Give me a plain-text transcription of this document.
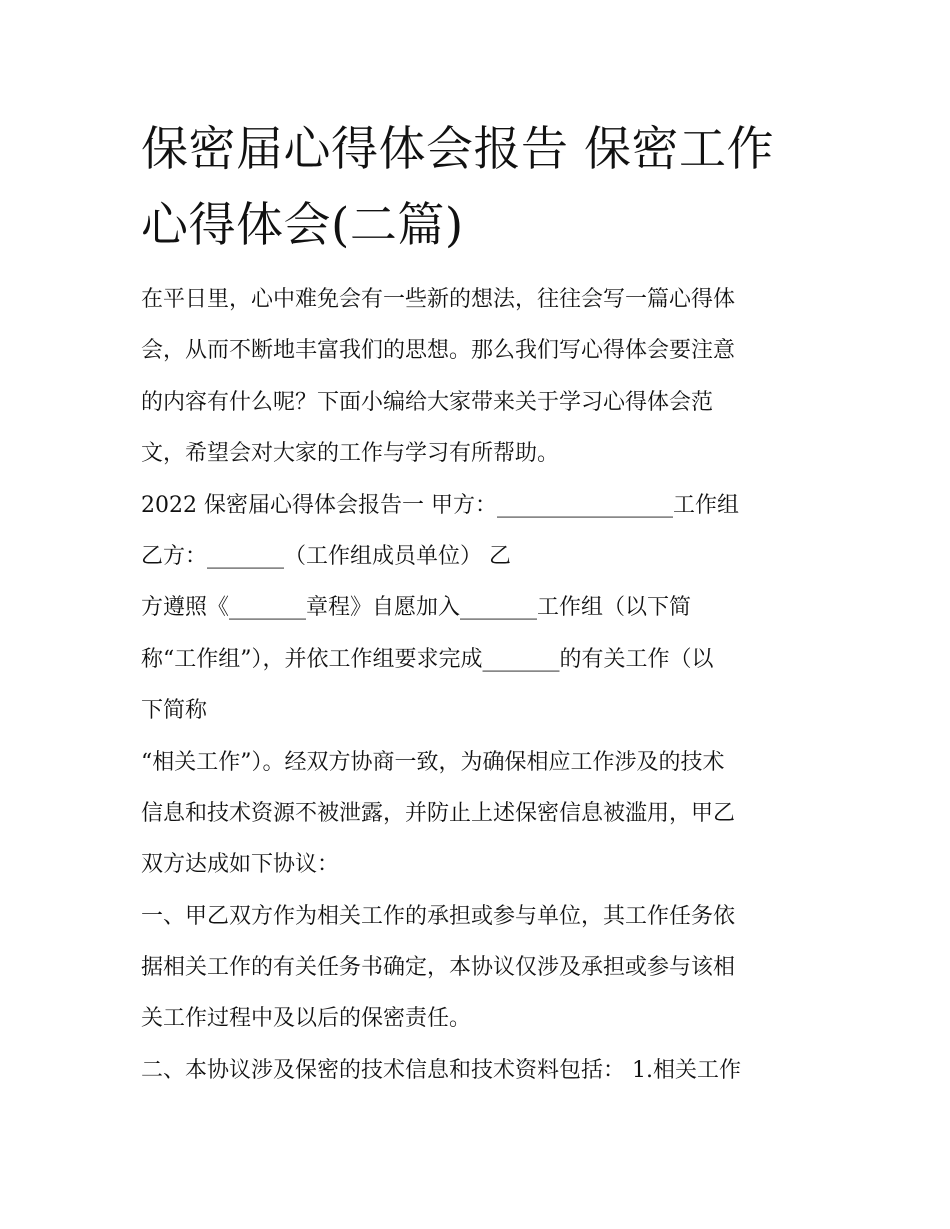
保密届心得体会报告 保密工作
心得体会(二篇)
在平日里，心中难免会有一些新的想法，往往会写一篇心得体
会，从而不断地丰富我们的思想。那么我们写心得体会要注意
的内容有什么呢？下面小编给大家带来关于学习心得体会范
文，希望会对大家的工作与学习有所帮助。
2022 保密届心得体会报告一 甲方：________________工作组
乙方：_______（工作组成员单位） 乙
方遵照《_______章程》自愿加入_______工作组（以下简
称“工作组”），并依工作组要求完成_______的有关工作（以
下简称
“相关工作”）。经双方协商一致，为确保相应工作涉及的技术
信息和技术资源不被泄露，并防止上述保密信息被滥用，甲乙
双方达成如下协议：
一、甲乙双方作为相关工作的承担或参与单位，其工作任务依
据相关工作的有关任务书确定，本协议仅涉及承担或参与该相
关工作过程中及以后的保密责任。
二、本协议涉及保密的技术信息和技术资料包括： 1.相关工作
